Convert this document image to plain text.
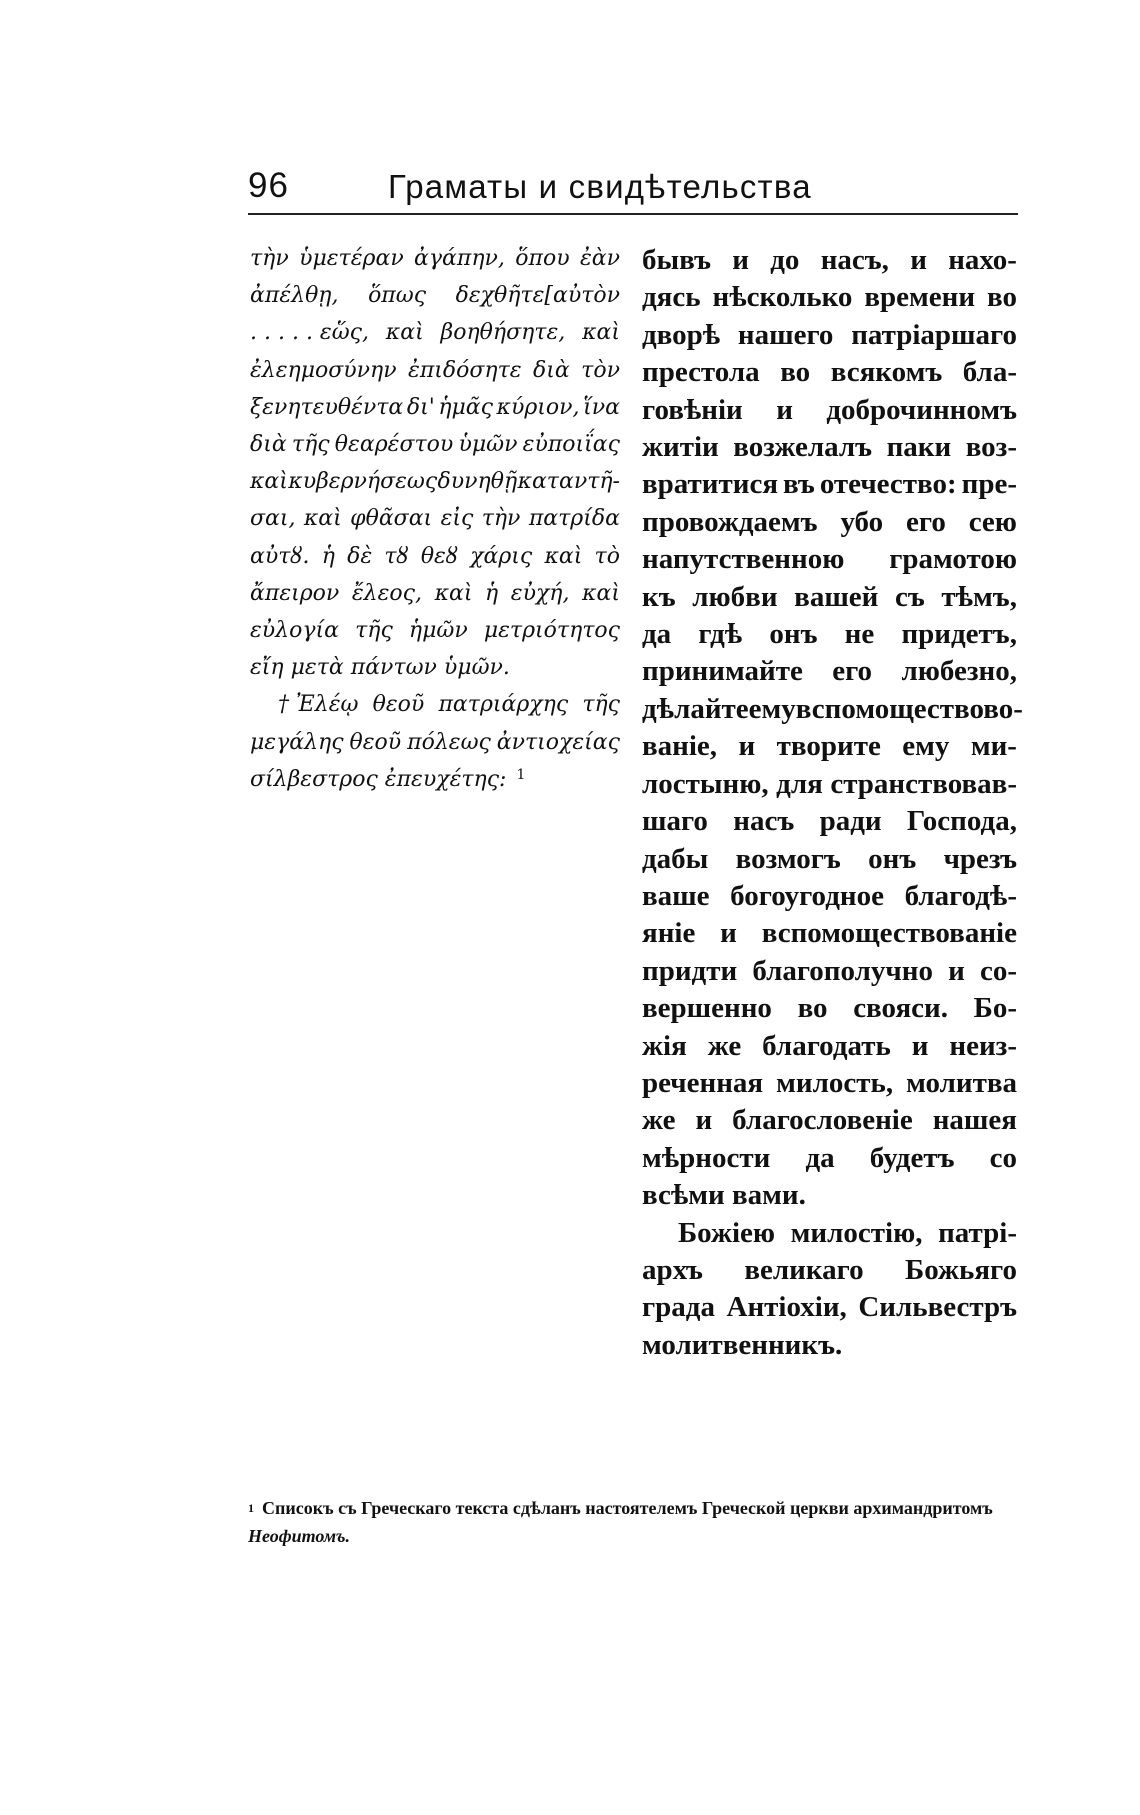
96	Граматы и свидѣтельства
τὴν ὑμετέραν ἀγάπην, ὅπου ἐὰν
ἀπέλθῃ, ὅπως δεχθῆτε[αὐτὸν
. . . . . εὥς, καὶ βοηθήσητε, καὶ
ἐλεημοσύνην ἐπιδόσητε διὰ τὸν
ξενητευθέντα δι' ἡμᾶς κύριον, ἵνα
διὰ τῆς θεαρέστου ὑμῶν εὐποιΐας
καὶ κυβερνήσεως δυνηθῇ καταντῆ-
σαι, καὶ φθᾶσαι εἰς τὴν πατρίδα
αὐτȣ. ἡ δὲ τȣ θεȣ χάρις καὶ τὸ
ἄπειρον ἔλεος, καὶ ἡ εὐχή, καὶ
εὐλογία τῆς ἡμῶν μετριότητος
εἴη μετὰ πάντων ὑμῶν.
† Ἐλέῳ θεοῦ πατριάρχης τῆς
μεγάλης θεοῦ πόλεως ἀντιοχείας
σίλβεστρος ἐπευχέτης: $^1$
бывъ и до насъ, и нахо-
дясь нѣсколько времени во
дворѣ нашего патріаршаго
престола во всякомъ бла-
говѣніи и доброчинномъ
житіи возжелалъ паки воз-
вратитися въ отечество: пре-
провождаемъ убо его сею
напутственною грамотою
къ любви вашей съ тѣмъ,
да гдѣ онъ не придетъ,
принимайте его любезно,
дѣлайте ему вспомоществово-
ваніе, и творите ему ми-
лостыню, для странствовав-
шаго насъ ради Господа,
дабы возмогъ онъ чрезъ
ваше богоугодное благодѣ-
яніе и вспомоществованіе
придти благополучно и со-
вершенно во свояси. Бо-
жія же благодать и неиз-
реченная милость, молитва
же и благословеніе нашея
мѣрности да будетъ со
всѣми вами.
Божіею милостію, патрі-
архъ великаго Божьяго
града Антіохіи, Сильвестръ
молитвенникъ.
$^1$ Списокъ съ Греческаго текста сдѣланъ настоятелемъ Греческой церкви архимандритомъ Неофитомъ.
